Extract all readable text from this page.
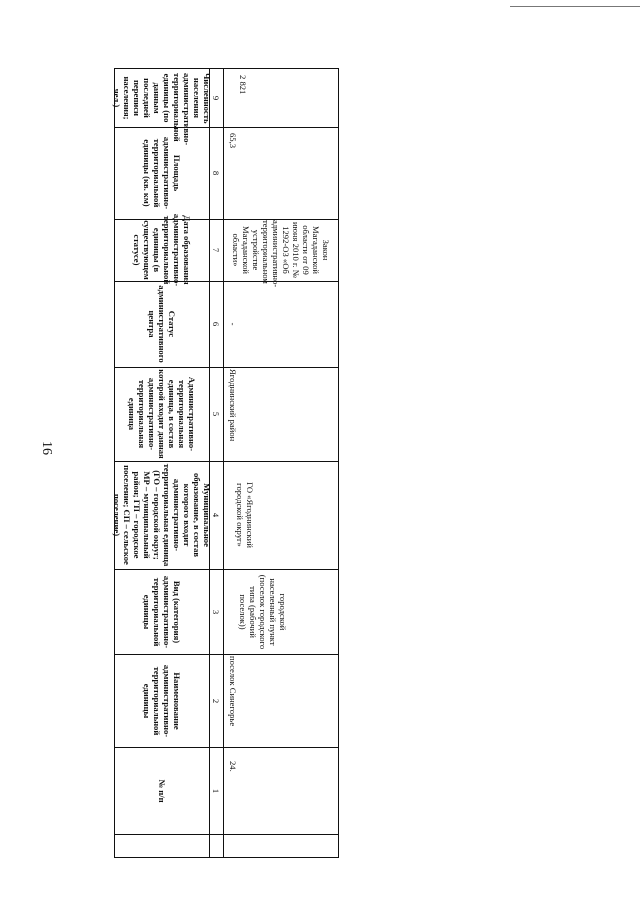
16
Численность населения административно-территориальной единицы (по данным последней переписи населения; чел.)
Площадь административно-территориальной единицы (кв. км)
Дата образования административно-территориальной единицы (в существующем статусе)
Статус административного центра
Административно-территориальная единица, в состав которой входит данная административно-территориальная единица
Муниципальное образование, в состав которого входит административно-территориальная единица (ГО – городской округ; МР – муниципальный район; ГП – городское поселение; СП – сельское поселение)
Вид (категория) административно-территориальной единицы
Наименование административно-территориальной единицы
№ п/п
9
8
7
6
5
4
3
2
1
2 821
65,3
Закон Магаданской области от 09 июня 2010 г. № 1292-ОЗ «Об административно-территориальном устройстве Магаданской области»
-
Ягоднинский район
ГО «Ягоднинский городской округ»
городской населенный пункт (поселок городского типа (рабочий поселок))
поселок Синегорье
24.
